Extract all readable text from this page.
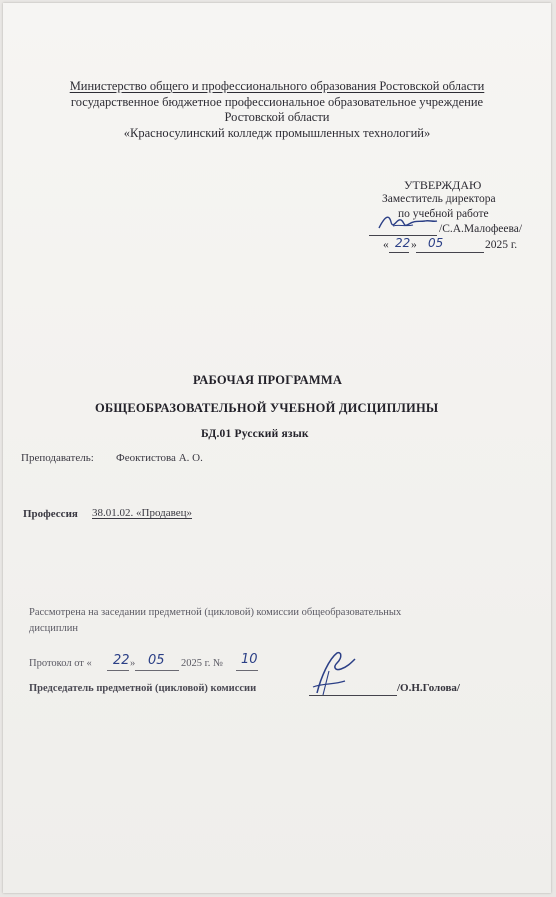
Министерство общего и профессионального образования Ростовской области
государственное бюджетное профессиональное образовательное учреждение
Ростовской области
«Красносулинский колледж промышленных технологий»
УТВЕРЖДАЮ
Заместитель директора
по учебной работе
/С.А.Малофеева/
« 22 » 05	2025 г.
РАБОЧАЯ ПРОГРАММА
ОБЩЕОБРАЗОВАТЕЛЬНОЙ УЧЕБНОЙ ДИСЦИПЛИНЫ
БД.01 Русский язык
Преподаватель: Феоктистова А. О.
Профессия 38.01.02. «Продавец»
Рассмотрена на заседании предметной (цикловой) комиссии общеобразовательных
дисциплин
Протокол от « 22 » 05 2025 г. № 10
Председатель предметной (цикловой) комиссии	/О.Н.Голова/
